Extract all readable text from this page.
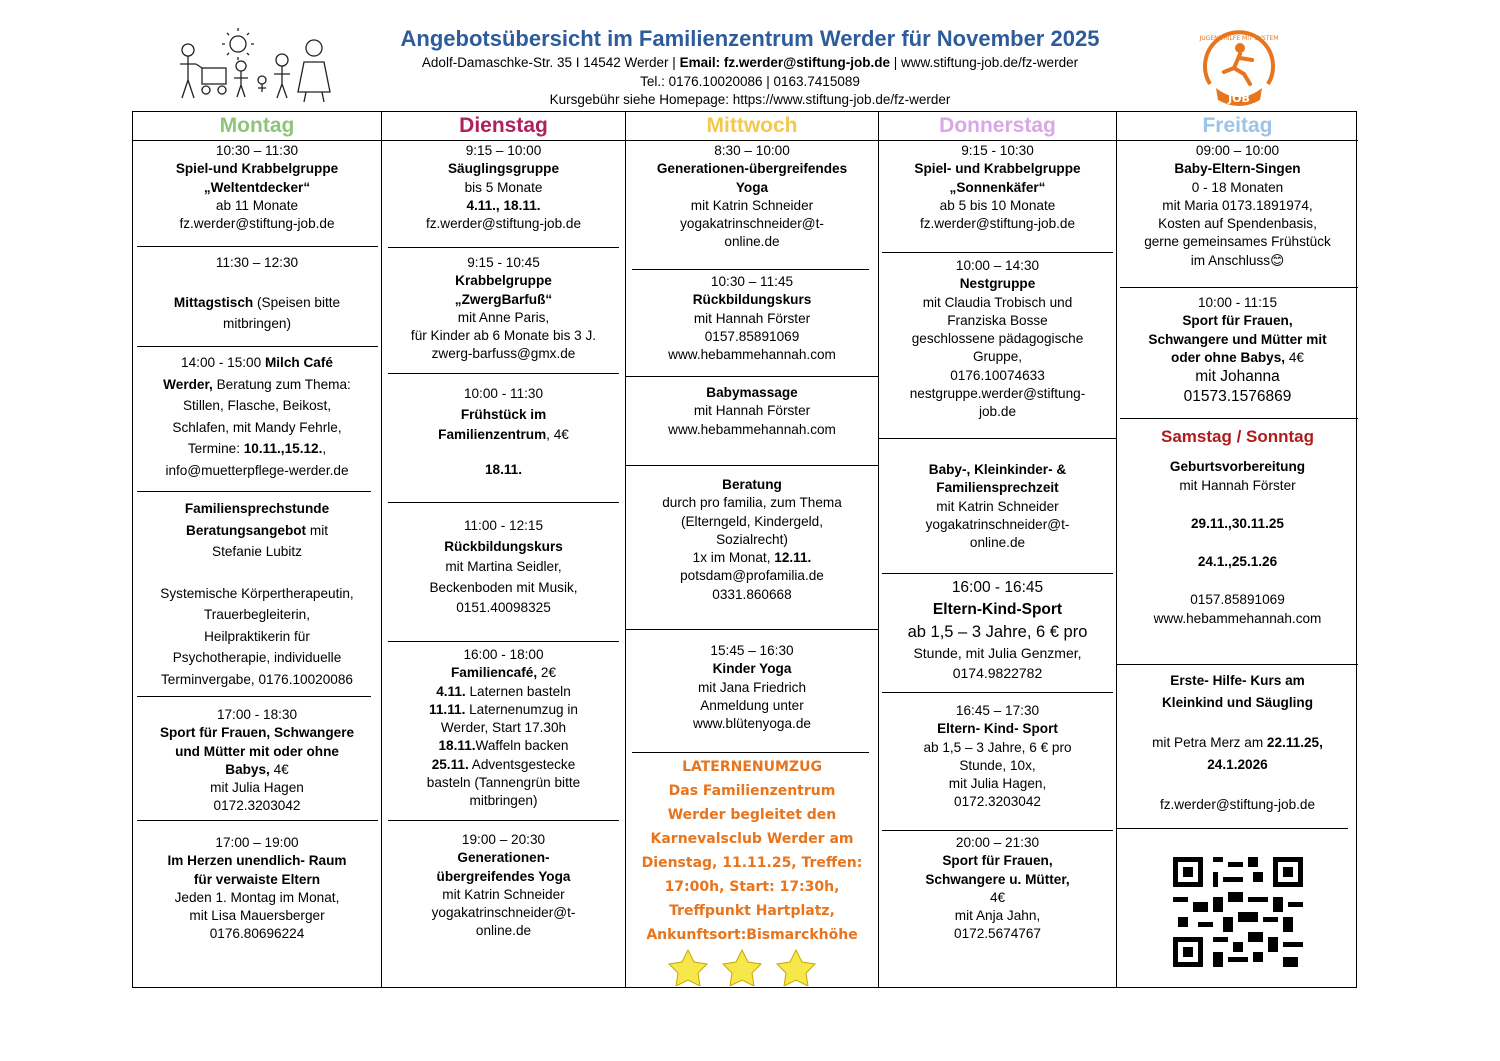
Angebotsübersicht im Familienzentrum Werder für November 2025
Adolf-Damaschke-Str. 35 I 14542 Werder | Email: fz.werder@stiftung-job.de | www.stiftung-job.de/fz-werder
Tel.: 0176.10020086 | 0163.7415089
Kursgebühr siehe Homepage: https://www.stiftung-job.de/fz-werder
JUGENDHILFE MIT SYSTEM
JOB
Montag
10:30 – 11:30
Spiel-und Krabbelgruppe
„Weltentdecker“
ab 11 Monate
fz.werder@stiftung-job.de
11:30 – 12:30
Mittagstisch (Speisen bitte
mitbringen)
14:00 - 15:00 Milch Café
Werder, Beratung zum Thema:
Stillen, Flasche, Beikost,
Schlafen, mit Mandy Fehrle,
Termine: 10.11.,15.12.,
info@muetterpflege-werder.de
Familiensprechstunde
Beratungsangebot mit
Stefanie Lubitz
Systemische Körpertherapeutin,
Trauerbegleiterin,
Heilpraktikerin für
Psychotherapie, individuelle
Terminvergabe, 0176.10020086
17:00 - 18:30
Sport für Frauen, Schwangere
und Mütter mit oder ohne
Babys, 4€
mit Julia Hagen
0172.3203042
17:00 – 19:00
Im Herzen unendlich- Raum
für verwaiste Eltern
Jeden 1. Montag im Monat,
mit Lisa Mauersberger
0176.80696224
Dienstag
9:15 – 10:00
Säuglingsgruppe
bis 5 Monate
4.11., 18.11.
fz.werder@stiftung-job.de
9:15 - 10:45
Krabbelgruppe
„ZwergBarfuß“
mit Anne Paris,
für Kinder ab 6 Monate bis 3 J.
zwerg-barfuss@gmx.de
10:00 - 11:30
Frühstück im
Familienzentrum, 4€
18.11.
11:00 - 12:15
Rückbildungskurs
mit Martina Seidler,
Beckenboden mit Musik,
0151.40098325
16:00 - 18:00
Familiencafé, 2€
4.11. Laternen basteln
11.11. Laternenumzug in
Werder, Start 17.30h
18.11.Waffeln backen
25.11. Adventsgestecke
basteln (Tannengrün bitte
mitbringen)
19:00 – 20:30
Generationen-
übergreifendes Yoga
mit Katrin Schneider
yogakatrinschneider@t-
online.de
Mittwoch
8:30 – 10:00
Generationen-übergreifendes
Yoga
mit Katrin Schneider
yogakatrinschneider@t-
online.de
10:30 – 11:45
Rückbildungskurs
mit Hannah Förster
0157.85891069
www.hebammehannah.com
Babymassage
mit Hannah Förster
www.hebammehannah.com
Beratung
durch pro familia, zum Thema
(Elterngeld, Kindergeld,
Sozialrecht)
1x im Monat, 12.11.
potsdam@profamilia.de
0331.860668
15:45 – 16:30
Kinder Yoga
mit Jana Friedrich
Anmeldung unter
www.blütenyoga.de
LATERNENUMZUG
Das Familienzentrum
Werder begleitet den
Karnevalsclub Werder am
Dienstag, 11.11.25, Treffen:
17:00h, Start: 17:30h,
Treffpunkt Hartplatz,
Ankunftsort:Bismarckhöhe
Donnerstag
9:15 - 10:30
Spiel- und Krabbelgruppe
„Sonnenkäfer“
ab 5 bis 10 Monate
fz.werder@stiftung-job.de
10:00 – 14:30
Nestgruppe
mit Claudia Trobisch und
Franziska Bosse
geschlossene pädagogische
Gruppe,
0176.10074633
nestgruppe.werder@stiftung-
job.de
Baby-, Kleinkinder- &
Familiensprechzeit
mit Katrin Schneider
yogakatrinschneider@t-
online.de
16:00 - 16:45
Eltern-Kind-Sport
ab 1,5 – 3 Jahre, 6 € pro
Stunde, mit Julia Genzmer,
0174.9822782
16:45 – 17:30
Eltern- Kind- Sport
ab 1,5 – 3 Jahre, 6 € pro
Stunde, 10x,
mit Julia Hagen,
0172.3203042
20:00 – 21:30
Sport für Frauen,
Schwangere u. Mütter,
4€
mit Anja Jahn,
0172.5674767
Freitag
09:00 – 10:00
Baby-Eltern-Singen
0 - 18 Monaten
mit Maria 0173.1891974,
Kosten auf Spendenbasis,
gerne gemeinsames Frühstück
im Anschluss😊
10:00 - 11:15
Sport für Frauen,
Schwangere und Mütter mit
oder ohne Babys, 4€
mit Johanna
01573.1576869
Samstag / Sonntag
Geburtsvorbereitung
mit Hannah Förster
29.11.,30.11.25
24.1.,25.1.26
0157.85891069
www.hebammehannah.com
Erste- Hilfe- Kurs am
Kleinkind und Säugling
mit Petra Merz am 22.11.25,
24.1.2026
fz.werder@stiftung-job.de
